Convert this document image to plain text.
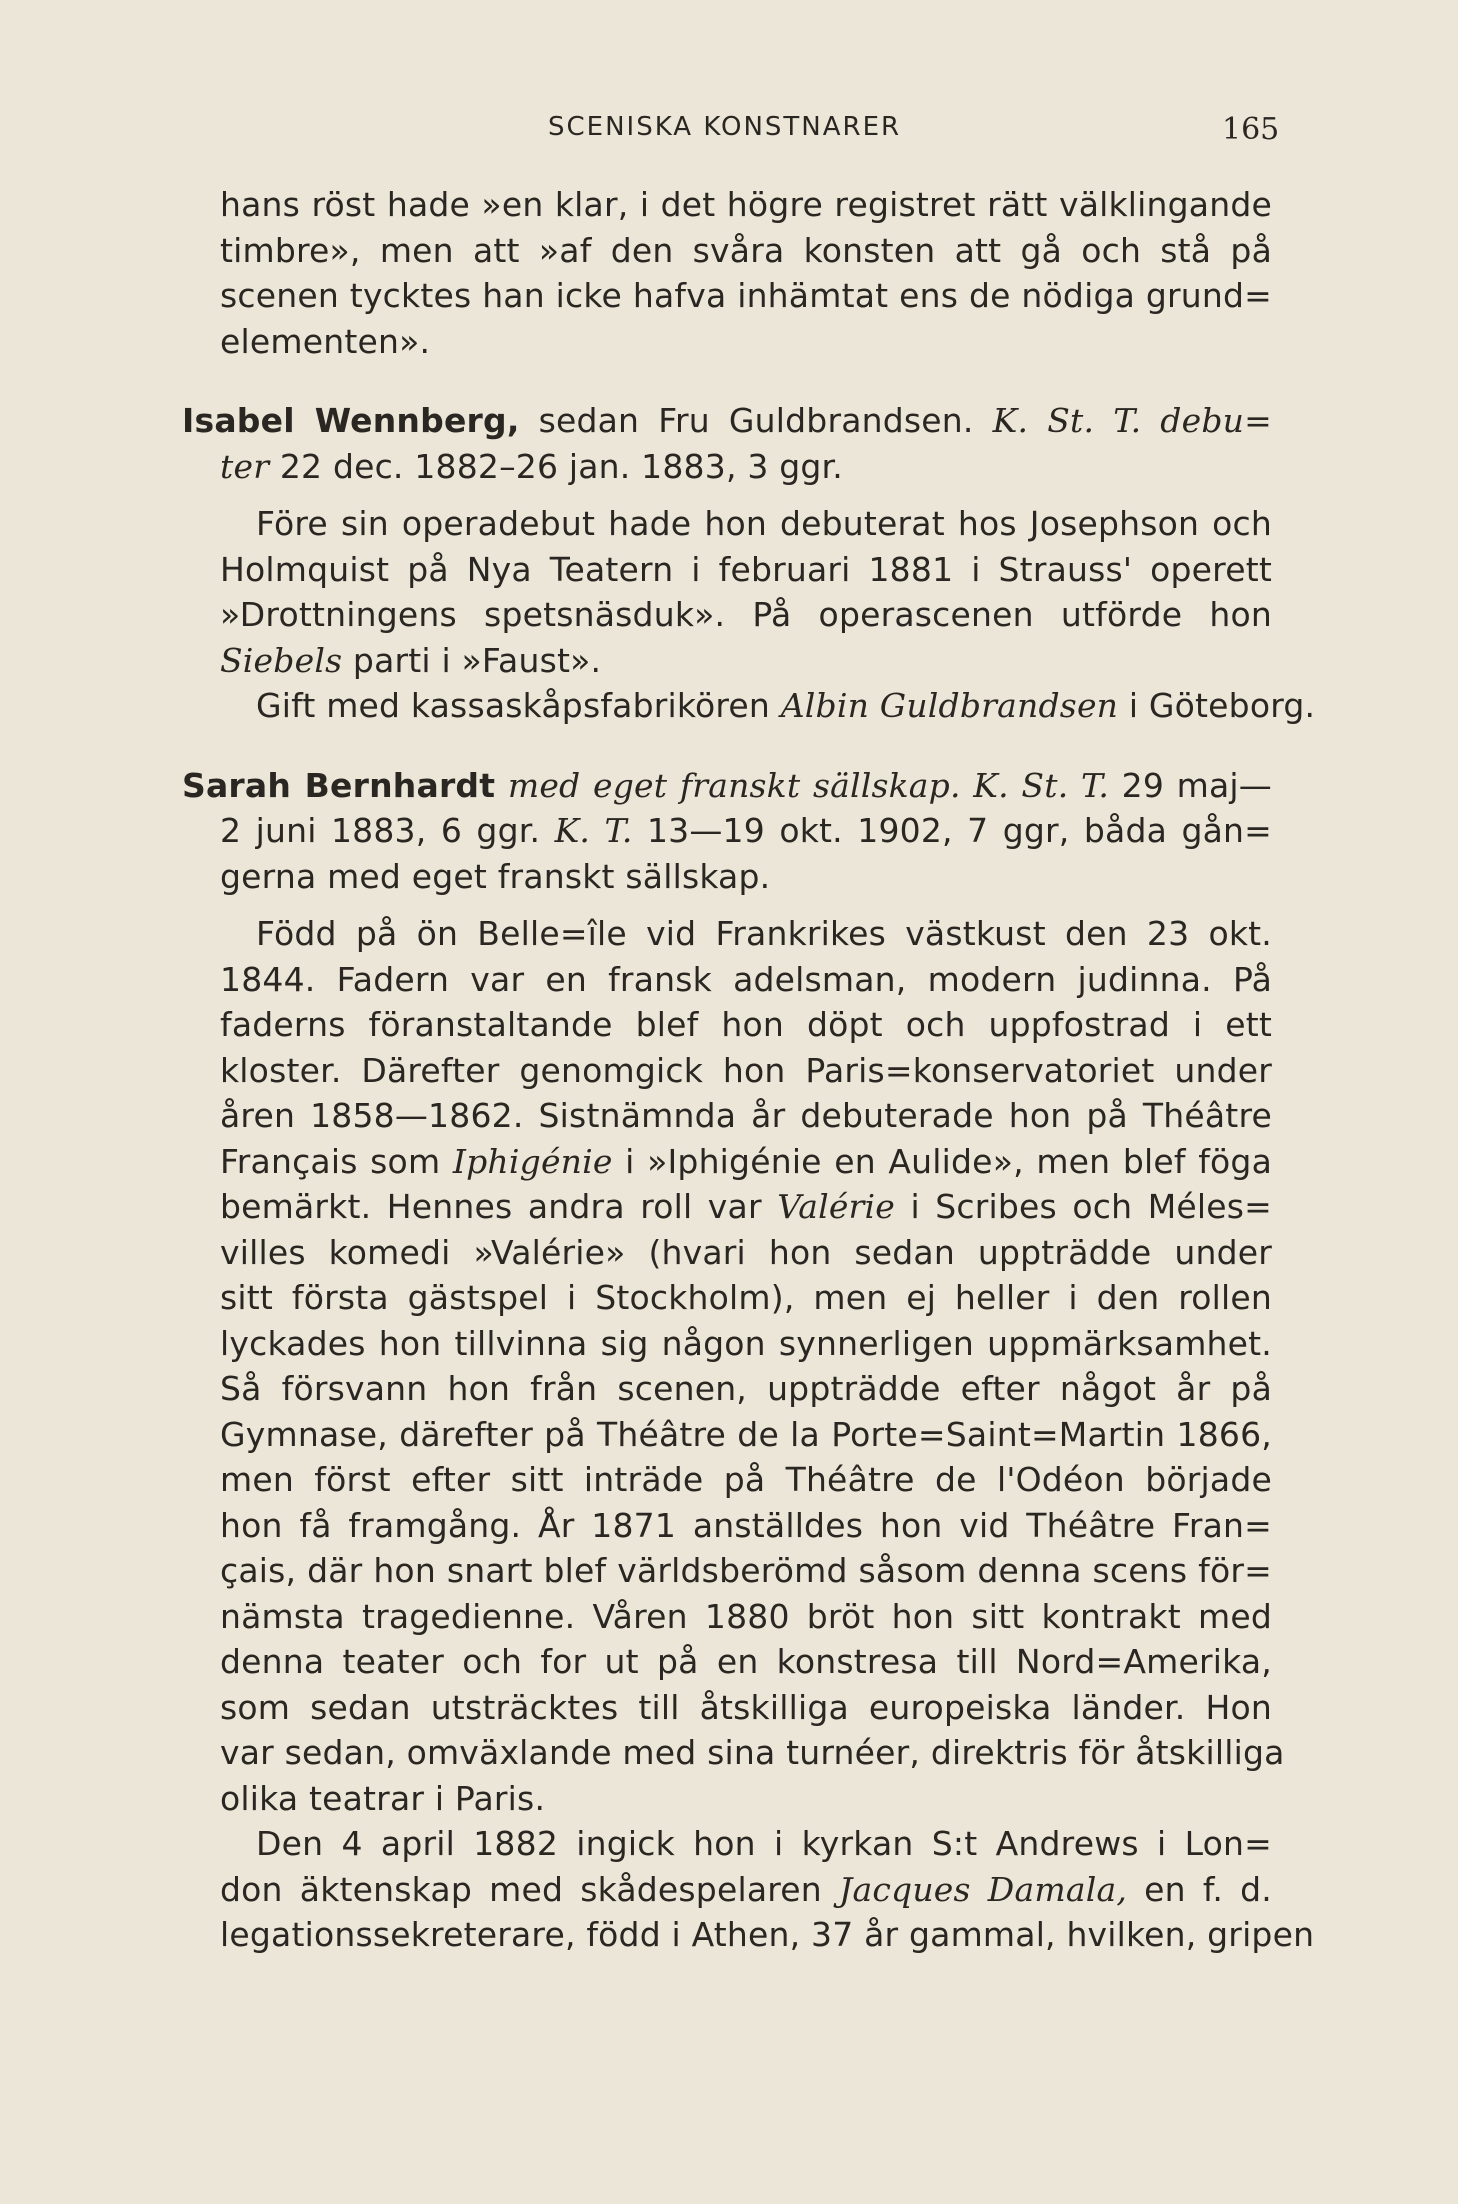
SCENISKA KONSTNARER	165
hans röst hade »en klar, i det högre registret rätt välklingande
timbre», men att »af den svåra konsten att gå och stå på
scenen tycktes han icke hafva inhämtat ens de nödiga grund=
elementen».
Isabel Wennberg, sedan Fru Guldbrandsen. K. St. T. debu=
ter 22 dec. 1882–26 jan. 1883, 3 ggr.
Före sin operadebut hade hon debuterat hos Josephson och
Holmquist på Nya Teatern i februari 1881 i Strauss' operett
»Drottningens spetsnäsduk». På operascenen utförde hon
Siebels parti i »Faust».
Gift med kassaskåpsfabrikören Albin Guldbrandsen i Göteborg.
Sarah Bernhardt med eget franskt sällskap. K. St. T. 29 maj—
2 juni 1883, 6 ggr. K. T. 13—19 okt. 1902, 7 ggr, båda gån=
gerna med eget franskt sällskap.
Född på ön Belle=île vid Frankrikes västkust den 23 okt.
1844. Fadern var en fransk adelsman, modern judinna. På
faderns föranstaltande blef hon döpt och uppfostrad i ett
kloster. Därefter genomgick hon Paris=konservatoriet under
åren 1858—1862. Sistnämnda år debuterade hon på Théâtre
Français som Iphigénie i »Iphigénie en Aulide», men blef föga
bemärkt. Hennes andra roll var Valérie i Scribes och Méles=
villes komedi »Valérie» (hvari hon sedan uppträdde under
sitt första gästspel i Stockholm), men ej heller i den rollen
lyckades hon tillvinna sig någon synnerligen uppmärksamhet.
Så försvann hon från scenen, uppträdde efter något år på
Gymnase, därefter på Théâtre de la Porte=Saint=Martin 1866,
men först efter sitt inträde på Théâtre de l'Odéon började
hon få framgång. År 1871 anställdes hon vid Théâtre Fran=
çais, där hon snart blef världsberömd såsom denna scens för=
nämsta tragedienne. Våren 1880 bröt hon sitt kontrakt med
denna teater och for ut på en konstresa till Nord=Amerika,
som sedan utsträcktes till åtskilliga europeiska länder. Hon
var sedan, omväxlande med sina turnéer, direktris för åtskilliga
olika teatrar i Paris.
Den 4 april 1882 ingick hon i kyrkan S:t Andrews i Lon=
don äktenskap med skådespelaren Jacques Damala, en f. d.
legationssekreterare, född i Athen, 37 år gammal, hvilken, gripen
